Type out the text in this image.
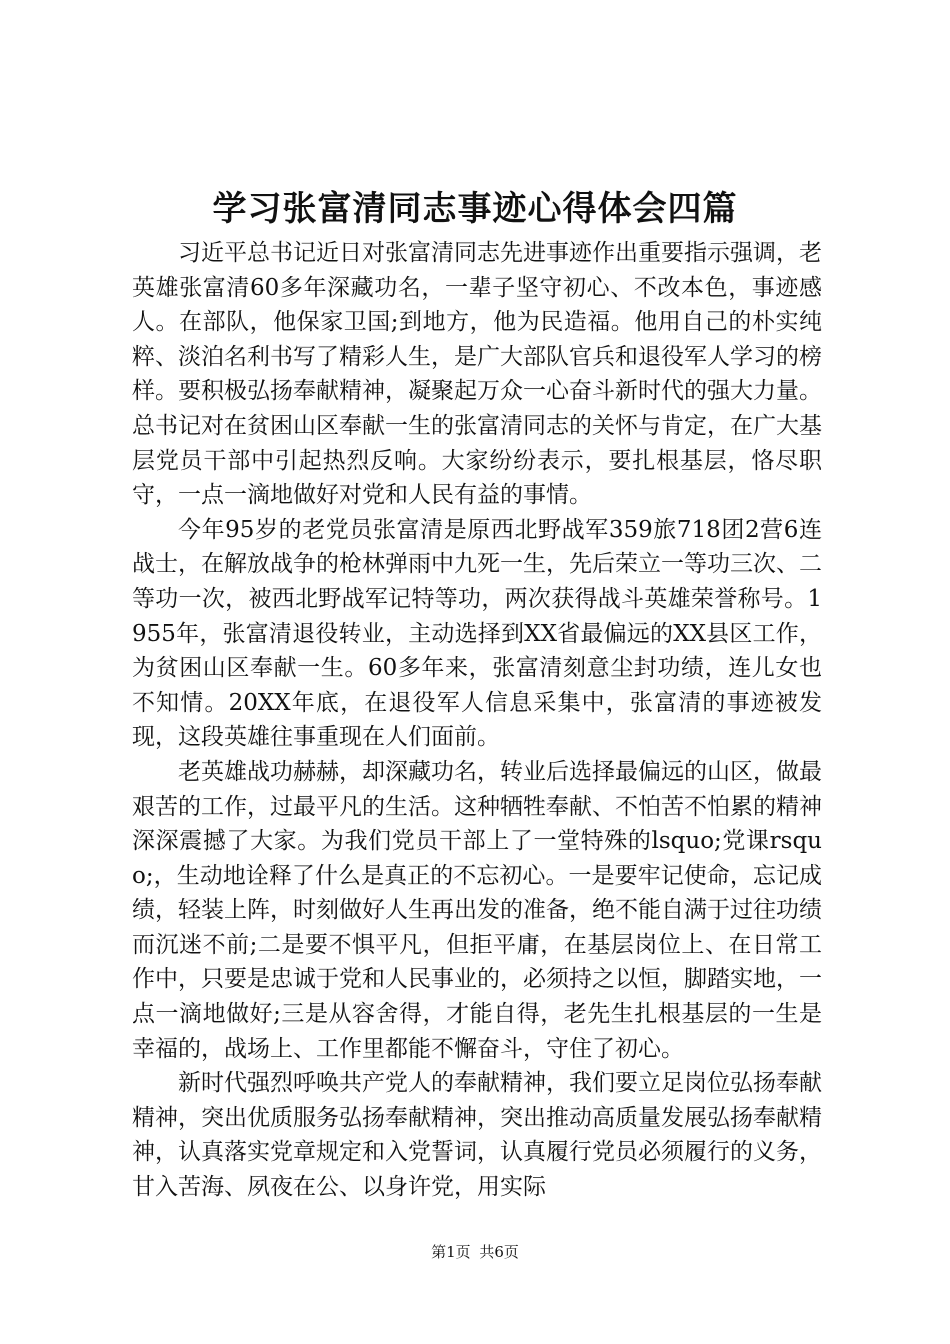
学习张富清同志事迹心得体会四篇

习近平总书记近日对张富清同志先进事迹作出重要指示强调，老英雄张富清60多年深藏功名，一辈子坚守初心、不改本色，事迹感人。在部队，他保家卫国;到地方，他为民造福。他用自己的朴实纯粹、淡泊名利书写了精彩人生，是广大部队官兵和退役军人学习的榜样。要积极弘扬奉献精神，凝聚起万众一心奋斗新时代的强大力量。总书记对在贫困山区奉献一生的张富清同志的关怀与肯定，在广大基层党员干部中引起热烈反响。大家纷纷表示，要扎根基层，恪尽职守，一点一滴地做好对党和人民有益的事情。

今年95岁的老党员张富清是原西北野战军359旅718团2营6连战士，在解放战争的枪林弹雨中九死一生，先后荣立一等功三次、二等功一次，被西北野战军记特等功，两次获得战斗英雄荣誉称号。1955年，张富清退役转业，主动选择到XX省最偏远的XX县区工作，为贫困山区奉献一生。60多年来，张富清刻意尘封功绩，连儿女也不知情。20XX年底，在退役军人信息采集中，张富清的事迹被发现，这段英雄往事重现在人们面前。

老英雄战功赫赫，却深藏功名，转业后选择最偏远的山区，做最艰苦的工作，过最平凡的生活。这种牺牲奉献、不怕苦不怕累的精神深深震撼了大家。为我们党员干部上了一堂特殊的lsquo;党课rsquo;，生动地诠释了什么是真正的不忘初心。一是要牢记使命，忘记成绩，轻装上阵，时刻做好人生再出发的准备，绝不能自满于过往功绩而沉迷不前;二是要不惧平凡，但拒平庸，在基层岗位上、在日常工作中，只要是忠诚于党和人民事业的，必须持之以恒，脚踏实地，一点一滴地做好;三是从容舍得，才能自得，老先生扎根基层的一生是幸福的，战场上、工作里都能不懈奋斗，守住了初心。

新时代强烈呼唤共产党人的奉献精神，我们要立足岗位弘扬奉献精神，突出优质服务弘扬奉献精神，突出推动高质量发展弘扬奉献精神，认真落实党章规定和入党誓词，认真履行党员必须履行的义务，甘入苦海、夙夜在公、以身许党，用实际

第1页 共6页
